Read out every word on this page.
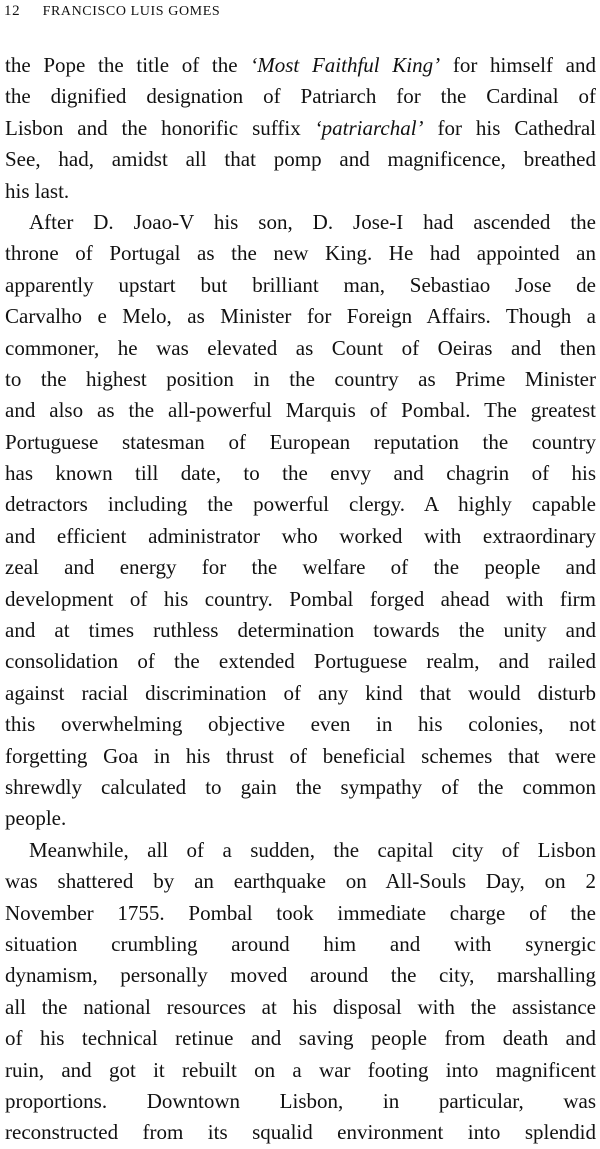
12 FRANCISCO LUIS GOMES
the Pope the title of the ‘Most Faithful King’ for himself and
the dignified designation of Patriarch for the Cardinal of
Lisbon and the honorific suffix ‘patriarchal’ for his Cathedral
See, had, amidst all that pomp and magnificence, breathed
his last.
After D. Joao-V his son, D. Jose-I had ascended the
throne of Portugal as the new King. He had appointed an
apparently upstart but brilliant man, Sebastiao Jose de
Carvalho e Melo, as Minister for Foreign Affairs. Though a
commoner, he was elevated as Count of Oeiras and then
to the highest position in the country as Prime Minister
and also as the all-powerful Marquis of Pombal. The greatest
Portuguese statesman of European reputation the country
has known till date, to the envy and chagrin of his
detractors including the powerful clergy. A highly capable
and efficient administrator who worked with extraordinary
zeal and energy for the welfare of the people and
development of his country. Pombal forged ahead with firm
and at times ruthless determination towards the unity and
consolidation of the extended Portuguese realm, and railed
against racial discrimination of any kind that would disturb
this overwhelming objective even in his colonies, not
forgetting Goa in his thrust of beneficial schemes that were
shrewdly calculated to gain the sympathy of the common
people.
Meanwhile, all of a sudden, the capital city of Lisbon
was shattered by an earthquake on All-Souls Day, on 2
November 1755. Pombal took immediate charge of the
situation crumbling around him and with synergic
dynamism, personally moved around the city, marshalling
all the national resources at his disposal with the assistance
of his technical retinue and saving people from death and
ruin, and got it rebuilt on a war footing into magnificent
proportions. Downtown Lisbon, in particular, was
reconstructed from its squalid environment into splendid
